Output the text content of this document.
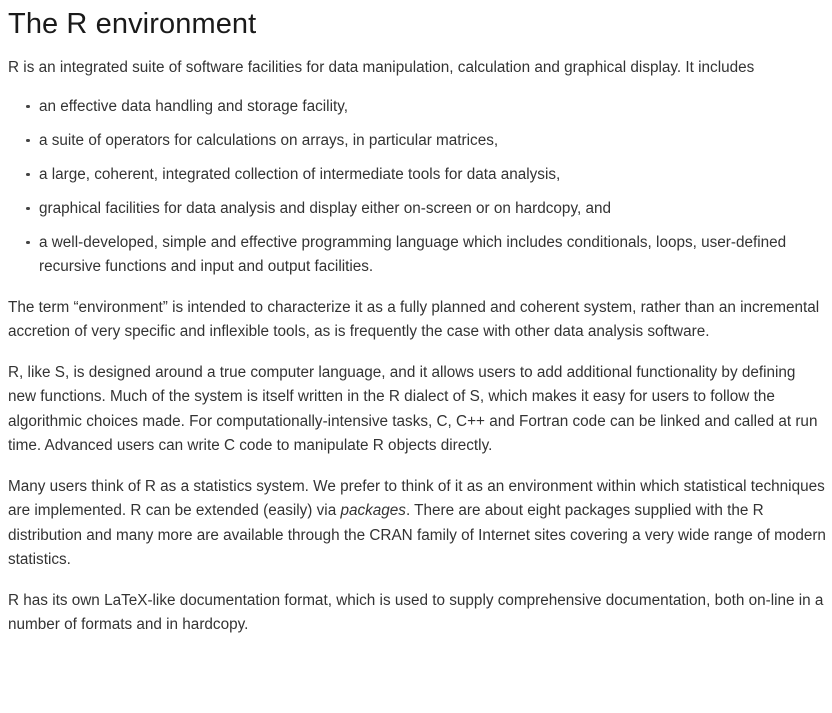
The R environment

R is an integrated suite of software facilities for data manipulation, calculation and graphical display. It includes

an effective data handling and storage facility,
a suite of operators for calculations on arrays, in particular matrices,
a large, coherent, integrated collection of intermediate tools for data analysis,
graphical facilities for data analysis and display either on-screen or on hardcopy, and
a well-developed, simple and effective programming language which includes conditionals, loops, user-defined recursive functions and input and output facilities.

The term “environment” is intended to characterize it as a fully planned and coherent system, rather than an incremental accretion of very specific and inflexible tools, as is frequently the case with other data analysis software.

R, like S, is designed around a true computer language, and it allows users to add additional functionality by defining new functions. Much of the system is itself written in the R dialect of S, which makes it easy for users to follow the algorithmic choices made. For computationally-intensive tasks, C, C++ and Fortran code can be linked and called at run time. Advanced users can write C code to manipulate R objects directly.

Many users think of R as a statistics system. We prefer to think of it as an environment within which statistical techniques are implemented. R can be extended (easily) via packages. There are about eight packages supplied with the R distribution and many more are available through the CRAN family of Internet sites covering a very wide range of modern statistics.

R has its own LaTeX-like documentation format, which is used to supply comprehensive documentation, both on-line in a number of formats and in hardcopy.
